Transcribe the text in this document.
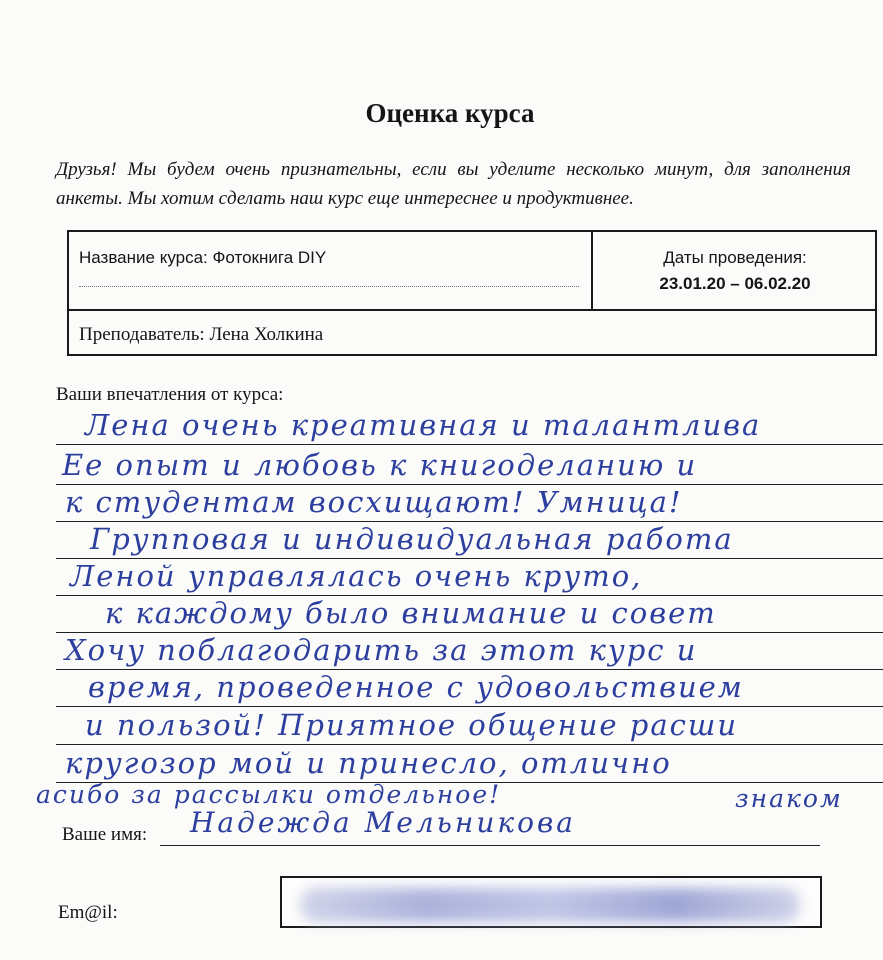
Оценка курса
Друзья! Мы будем очень признательны, если вы уделите несколько минут, для заполнения анкеты. Мы хотим сделать наш курс еще интереснее и продуктивнее.
Название курса: Фотокнига DIY	Даты проведения:
23.01.20 – 06.02.20
Преподаватель: Лена Холкина
Ваши впечатления от курса:
Лена очень креативная и талантлива
Ее опыт и любовь к книгоделанию и
к студентам восхищают! Умница!
Групповая и индивидуальная работа
Леной управлялась очень круто,
к каждому было внимание и совет
Хочу поблагодарить за этот курс и
время, проведенное с удовольствием
и пользой! Приятное общение расши
кругозор мой и принесло, отлично
асибо за рассылки отдельное!	знаком
Ваше имя: Надежда Мельникова
Em@il:
